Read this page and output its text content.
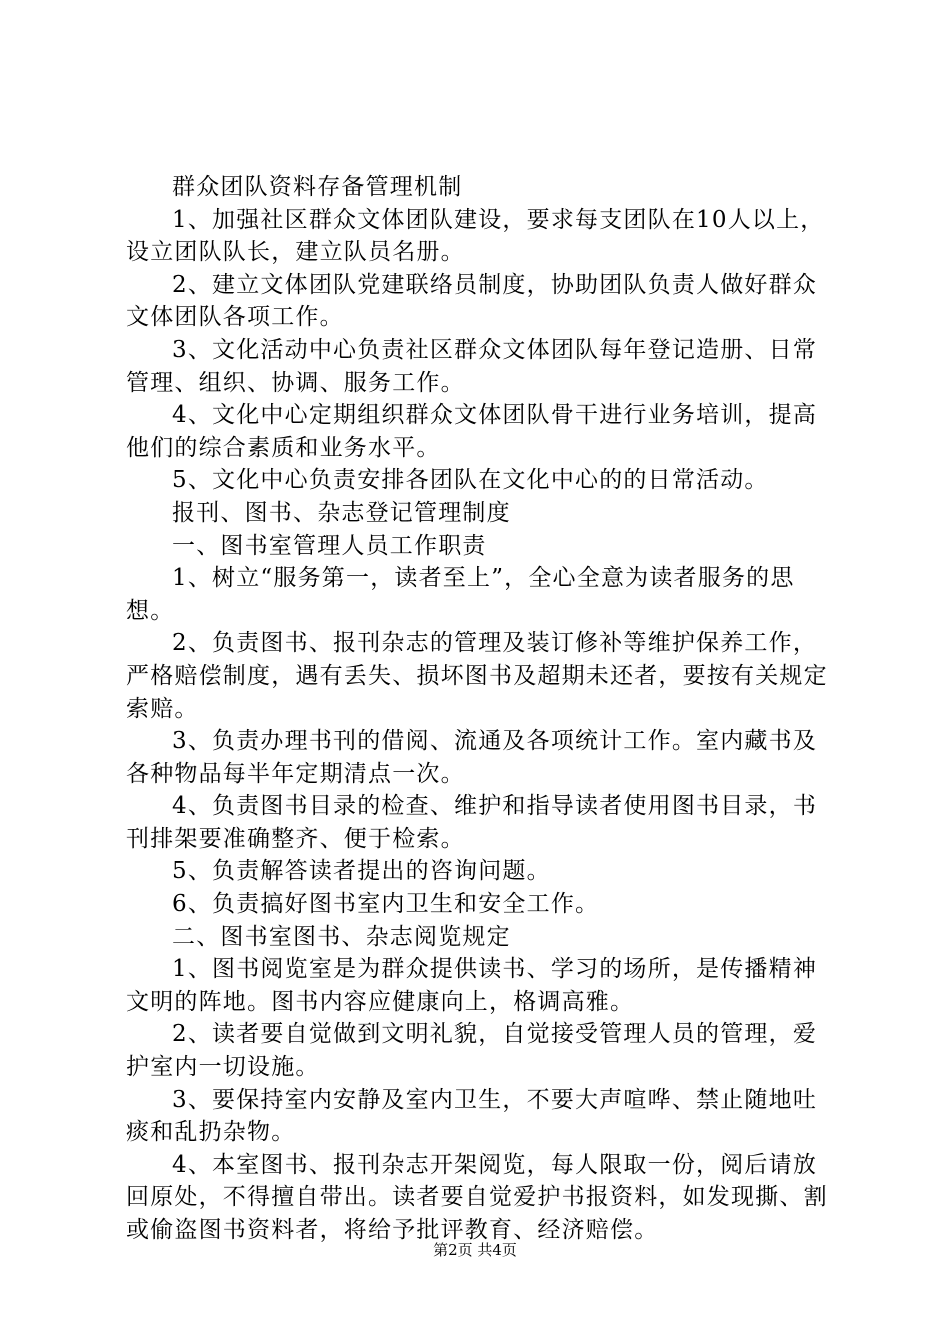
群众团队资料存备管理机制

1、加强社区群众文体团队建设，要求每支团队在10人以上，设立团队队长，建立队员名册。

2、建立文体团队党建联络员制度，协助团队负责人做好群众文体团队各项工作。

3、文化活动中心负责社区群众文体团队每年登记造册、日常管理、组织、协调、服务工作。

4、文化中心定期组织群众文体团队骨干进行业务培训，提高他们的综合素质和业务水平。

5、文化中心负责安排各团队在文化中心的的日常活动。

报刊、图书、杂志登记管理制度

一、图书室管理人员工作职责

1、树立“服务第一，读者至上”，全心全意为读者服务的思想。

2、负责图书、报刊杂志的管理及装订修补等维护保养工作，严格赔偿制度，遇有丢失、损坏图书及超期未还者，要按有关规定索赔。

3、负责办理书刊的借阅、流通及各项统计工作。室内藏书及各种物品每半年定期清点一次。

4、负责图书目录的检查、维护和指导读者使用图书目录，书刊排架要准确整齐、便于检索。

5、负责解答读者提出的咨询问题。

6、负责搞好图书室内卫生和安全工作。

二、图书室图书、杂志阅览规定

1、图书阅览室是为群众提供读书、学习的场所，是传播精神文明的阵地。图书内容应健康向上，格调高雅。

2、读者要自觉做到文明礼貌，自觉接受管理人员的管理，爱护室内一切设施。

3、要保持室内安静及室内卫生，不要大声喧哗、禁止随地吐痰和乱扔杂物。

4、本室图书、报刊杂志开架阅览，每人限取一份，阅后请放回原处，不得擅自带出。读者要自觉爱护书报资料，如发现撕、割或偷盗图书资料者，将给予批评教育、经济赔偿。

第2页 共4页
